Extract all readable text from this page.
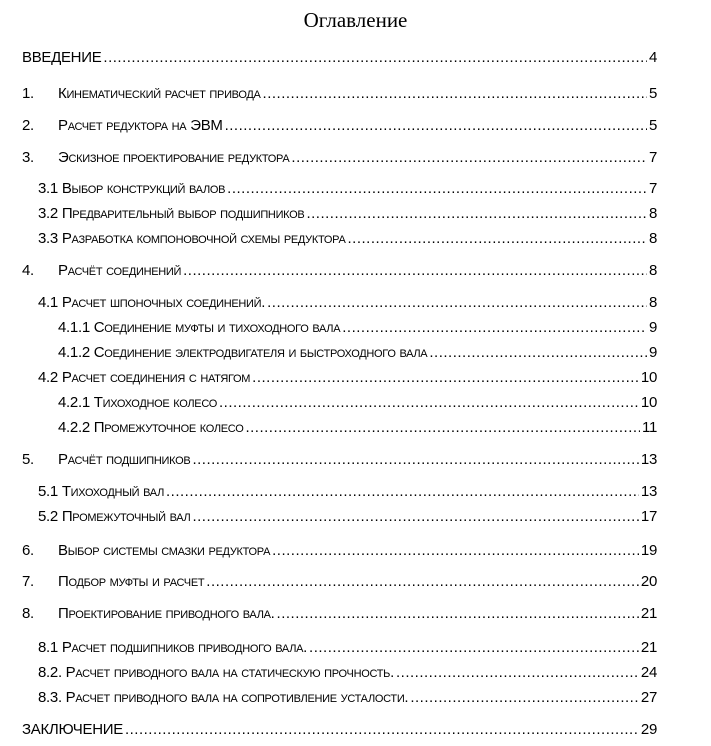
Оглавление
ВВЕДЕНИЕ .....	4
1.	Кинематический расчет привода .....	5
2.	Расчет редуктора на ЭВМ .....	5
3.	Эскизное проектирование редуктора .....	7
3.1 Выбор конструкций валов .....	7
3.2 Предварительный выбор подшипников .....	8
3.3 Разработка компоновочной схемы редуктора .....	8
4.	Расчёт соединений .....	8
4.1 Расчет шпоночных соединений. .....	8
4.1.1 Соединение муфты и тихоходного вала .....	9
4.1.2 Соединение электродвигателя и быстроходного вала .....	9
4.2 Расчет соединения с натягом .....	10
4.2.1 Тихоходное колесо .....	10
4.2.2 Промежуточное колесо .....	11
5.	Расчёт подшипников .....	13
5.1 Тихоходный вал .....	13
5.2 Промежуточный вал .....	17
6.	Выбор системы смазки редуктора .....	19
7.	Подбор муфты и расчет .....	20
8.	Проектирование приводного вала. .....	21
8.1 Расчет подшипников приводного вала. .....	21
8.2. Расчет приводного вала на статическую прочность. .....	24
8.3. Расчет приводного вала на сопротивление усталости. .....	27
ЗАКЛЮЧЕНИЕ .....	29
